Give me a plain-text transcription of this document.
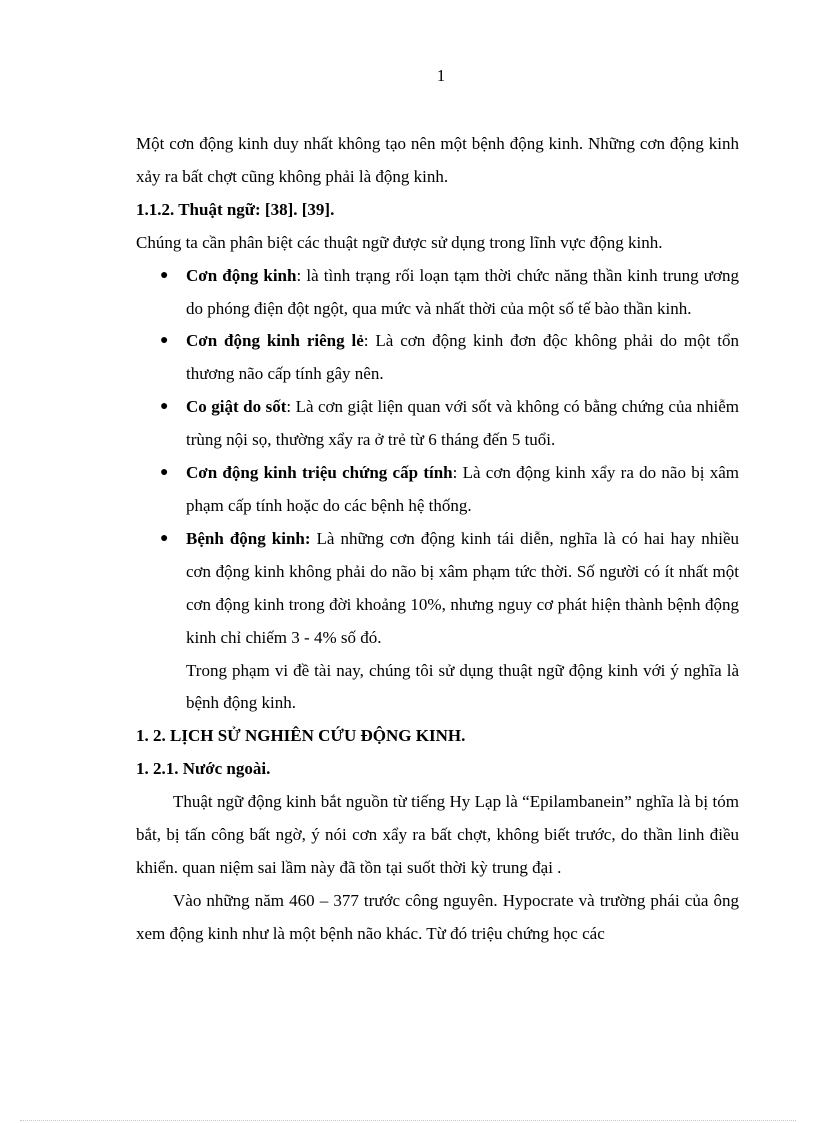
1

Một cơn động kinh duy nhất không tạo nên một bệnh động kinh. Những cơn động kinh xảy ra bất chợt cũng không phải là động kinh.

1.1.2. Thuật ngữ: [38]. [39].

Chúng ta cần phân biệt các thuật ngữ được sử dụng trong lĩnh vực động kinh.

● Cơn động kinh: là tình trạng rối loạn tạm thời chức năng thần kinh trung ương do phóng điện đột ngột, qua mức và nhất thời của một số tế bào thần kinh.
● Cơn động kinh riêng lẻ: Là cơn động kinh đơn độc không phải do một tổn thương não cấp tính gây nên.
● Co giật do sốt: Là cơn giật liện quan với sốt và không có bằng chứng của nhiễm trùng nội sọ, thường xẩy ra ở trẻ từ 6 tháng đến 5 tuổi.
● Cơn động kinh triệu chứng cấp tính: Là cơn động kinh xẩy ra do não bị xâm phạm cấp tính hoặc do các bệnh hệ thống.
● Bệnh động kinh: Là những cơn động kinh tái diễn, nghĩa là có hai hay nhiều cơn động kinh không phải do não bị xâm phạm tức thời. Số người có ít nhất một cơn động kinh trong đời khoảng 10%, nhưng nguy cơ phát hiện thành bệnh động kinh chỉ chiếm 3 - 4% số đó.

Trong phạm vi đề tài nay, chúng tôi sử dụng thuật ngữ động kinh với ý nghĩa là bệnh động kinh.

1. 2. LỊCH SỬ NGHIÊN CỨU ĐỘNG KINH.

1. 2.1. Nước ngoài.

Thuật ngữ động kinh bắt nguồn từ tiếng Hy Lạp là “Epilambanein” nghĩa là bị tóm bắt, bị tấn công bất ngờ, ý nói cơn xẩy ra bất chợt, không biết trước, do thần linh điều khiển. quan niệm sai lầm này đã tồn tại suốt thời kỳ trung đại .

Vào những năm 460 – 377 trước công nguyên. Hypocrate và trường phái của ông xem động kinh như là một bệnh não khác. Từ đó triệu chứng học các
